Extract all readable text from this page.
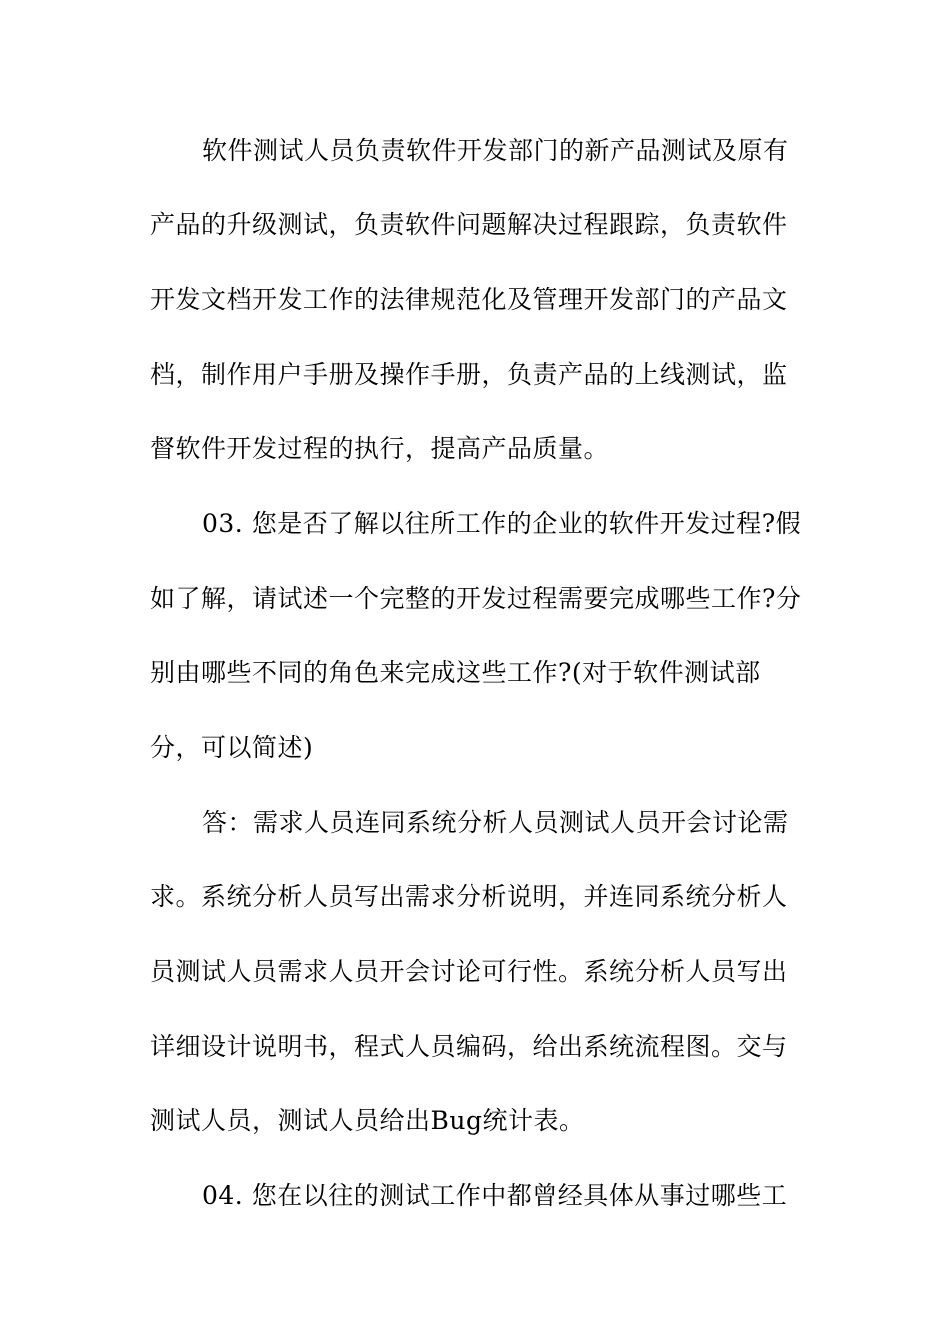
软件测试人员负责软件开发部门的新产品测试及原有
产品的升级测试，负责软件问题解决过程跟踪，负责软件
开发文档开发工作的法律规范化及管理开发部门的产品文
档，制作用户手册及操作手册，负责产品的上线测试，监
督软件开发过程的执行，提高产品质量。
03. 您是否了解以往所工作的企业的软件开发过程?假
如了解，请试述一个完整的开发过程需要完成哪些工作?分
别由哪些不同的角色来完成这些工作?(对于软件测试部
分，可以简述)
答：需求人员连同系统分析人员测试人员开会讨论需
求。系统分析人员写出需求分析说明，并连同系统分析人
员测试人员需求人员开会讨论可行性。系统分析人员写出
详细设计说明书，程式人员编码，给出系统流程图。交与
测试人员，测试人员给出Bug统计表。
04. 您在以往的测试工作中都曾经具体从事过哪些工
